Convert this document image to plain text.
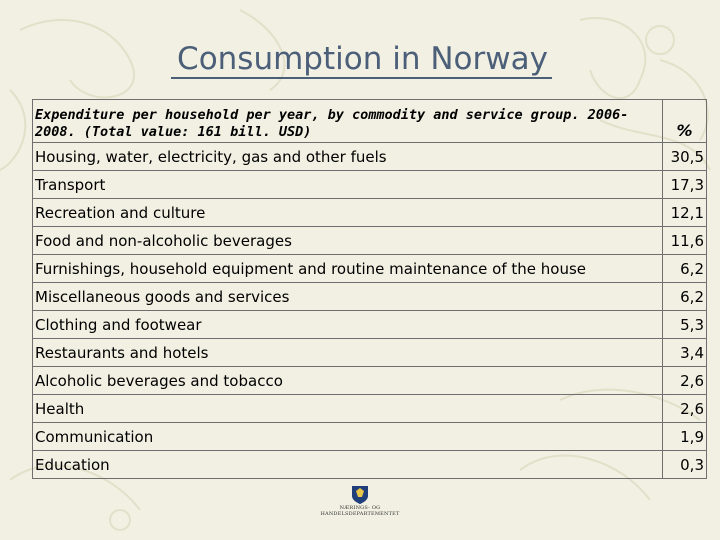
Consumption in Norway
Expenditure per household per year, by commodity and service group. 2006-2008. (Total value: 161 bill. USD)	%
Housing, water, electricity, gas and other fuels	30,5
Transport	17,3
Recreation and culture	12,1
Food and non-alcoholic beverages	11,6
Furnishings, household equipment and routine maintenance of the house	6,2
Miscellaneous goods and services	6,2
Clothing and footwear	5,3
Restaurants and hotels	3,4
Alcoholic beverages and tobacco	2,6
Health	2,6
Communication	1,9
Education	0,3
NÆRINGS- OG HANDELSDEPARTEMENTET
